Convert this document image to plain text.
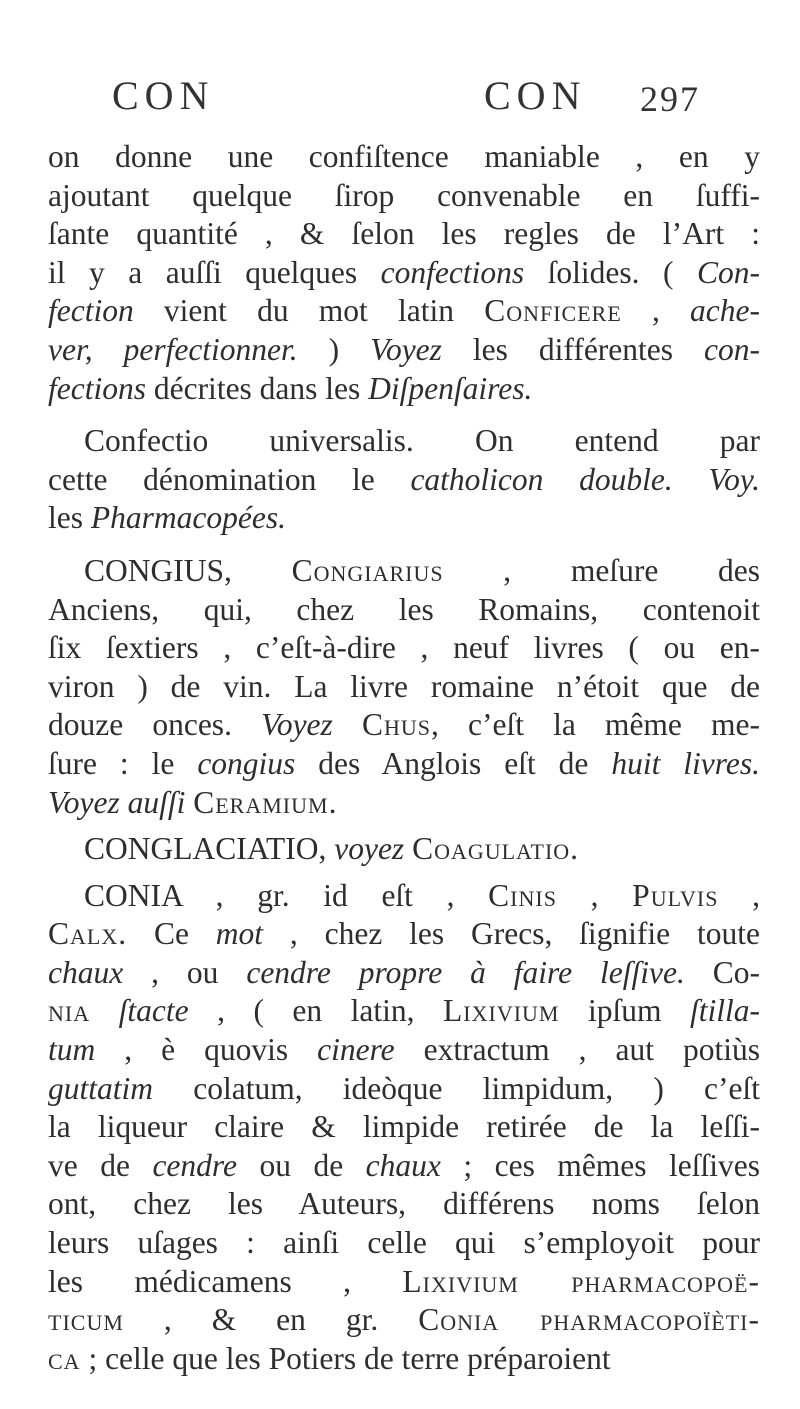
CON	CON 297
on donne une confiſtence maniable , en y
ajoutant quelque ſirop convenable en ſuffi-
ſante quantité , & ſelon les regles de l’Art :
il y a auſſi quelques confections ſolides. ( Con-
fection vient du mot latin Conficere , ache-
ver, perfectionner. ) Voyez les différentes con-
fections décrites dans les Diſpenſaires.
Confectio universalis. On entend par
cette dénomination le catholicon double. Voy.
les Pharmacopées.
CONGIUS, Congiarius , meſure des
Anciens, qui, chez les Romains, contenoit
ſix ſextiers , c’eſt-à-dire , neuf livres ( ou en-
viron ) de vin. La livre romaine n’étoit que de
douze onces. Voyez Chus, c’eſt la même me-
ſure : le congius des Anglois eſt de huit livres.
Voyez auſſi Ceramium.
CONGLACIATIO, voyez Coagulatio.
CONIA , gr. id eſt , Cinis , Pulvis ,
Calx. Ce mot , chez les Grecs, ſignifie toute
chaux , ou cendre propre à faire leſſive. Co-
nia ſtacte , ( en latin, Lixivium ipſum ſtilla-
tum , è quovis cinere extractum , aut potiùs
guttatim colatum, ideòque limpidum, ) c’eſt
la liqueur claire & limpide retirée de la leſſi-
ve de cendre ou de chaux ; ces mêmes leſſives
ont, chez les Auteurs, différens noms ſelon
leurs uſages : ainſi celle qui s’employoit pour
les médicamens , Lixivium pharmacopoë-
ticum , & en gr. Conia pharmacopoïèti-
ca ; celle que les Potiers de terre préparoient
